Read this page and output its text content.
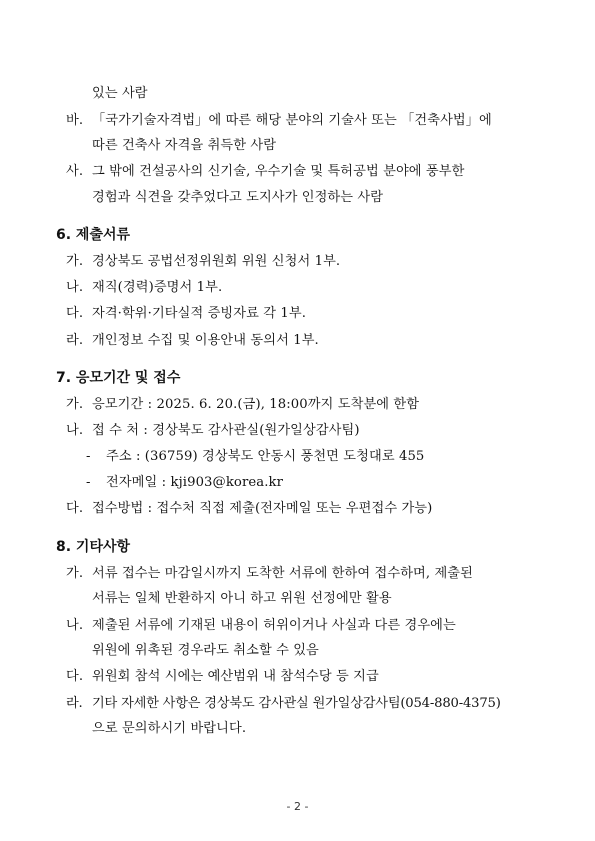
있는 사람
바. 「국가기술자격법」에 따른 해당 분야의 기술사 또는 「건축사법」에
따른 건축사 자격을 취득한 사람
사. 그 밖에 건설공사의 신기술, 우수기술 및 특허공법 분야에 풍부한
경험과 식견을 갖추었다고 도지사가 인정하는 사람
6. 제출서류
가. 경상북도 공법선정위원회 위원 신청서 1부.
나. 재직(경력)증명서 1부.
다. 자격·학위·기타실적 증빙자료 각 1부.
라. 개인정보 수집 및 이용안내 동의서 1부.
7. 응모기간 및 접수
가. 응모기간 : 2025. 6. 20.(금), 18:00까지 도착분에 한함
나. 접 수 처 : 경상북도 감사관실(원가일상감사팀)
- 주소 : (36759) 경상북도 안동시 풍천면 도청대로 455
- 전자메일 : kji903@korea.kr
다. 접수방법 : 접수처 직접 제출(전자메일 또는 우편접수 가능)
8. 기타사항
가. 서류 접수는 마감일시까지 도착한 서류에 한하여 접수하며, 제출된
서류는 일체 반환하지 아니 하고 위원 선정에만 활용
나. 제출된 서류에 기재된 내용이 허위이거나 사실과 다른 경우에는
위원에 위촉된 경우라도 취소할 수 있음
다. 위원회 참석 시에는 예산범위 내 참석수당 등 지급
라. 기타 자세한 사항은 경상북도 감사관실 원가일상감사팀(054-880-4375)
으로 문의하시기 바랍니다.
- 2 -
